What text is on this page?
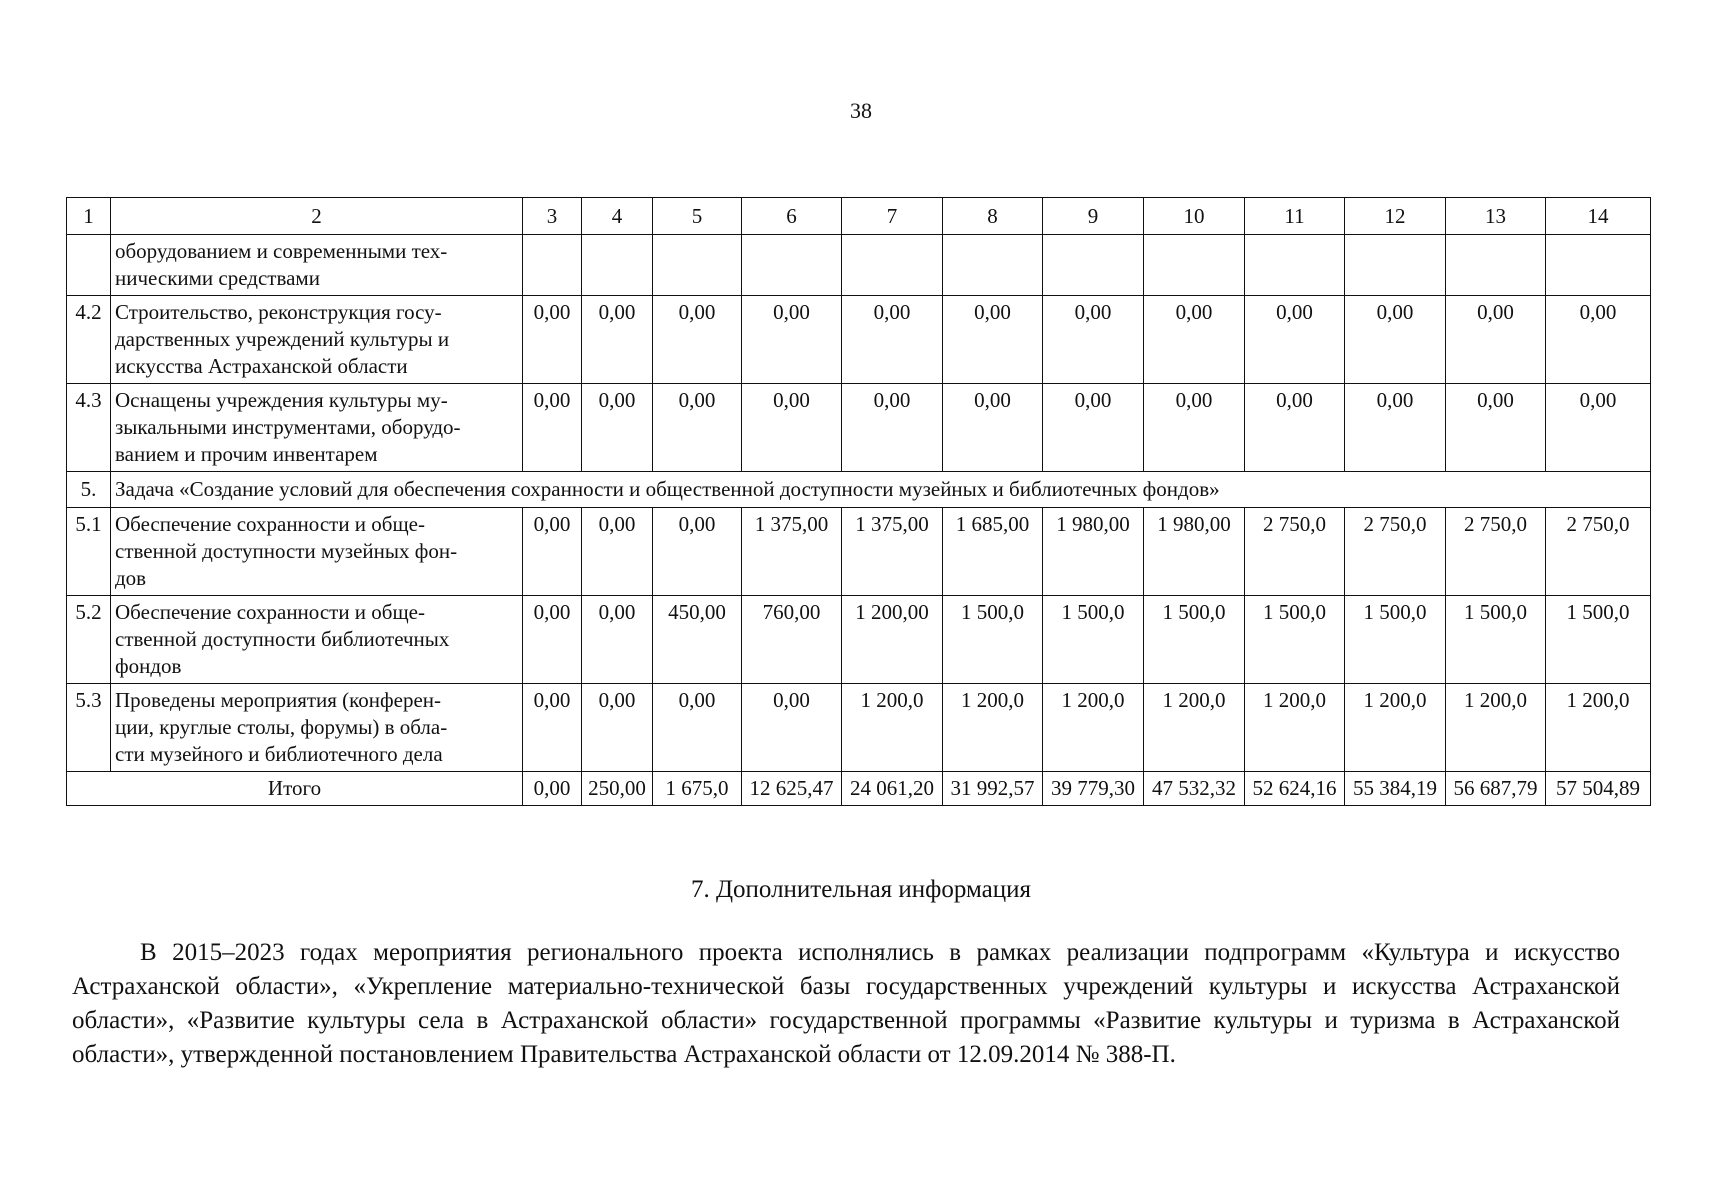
38
1	2	3	4	5	6	7	8	9	10	11	12	13	14

	оборудованием и современными тех-
ническими средствами												

4.2	Строительство, реконструкция госу-
дарственных учреждений культуры и
искусства Астраханской области	0,00	0,00	0,00	0,00	0,00	0,00	0,00	0,00	0,00	0,00	0,00	0,00
4.3	Оснащены учреждения культуры му-
зыкальными инструментами, оборудо-
ванием и прочим инвентарем	0,00	0,00	0,00	0,00	0,00	0,00	0,00	0,00	0,00	0,00	0,00	0,00
5.	Задача «Создание условий для обеспечения сохранности и общественной доступности музейных и библиотечных фондов»												
5.1	Обеспечение сохранности и обще-
ственной доступности музейных фон-
дов	0,00	0,00	0,00	1 375,00	1 375,00	1 685,00	1 980,00	1 980,00	2 750,0	2 750,0	2 750,0	2 750,0
5.2	Обеспечение сохранности и обще-
ственной доступности библиотечных
фондов	0,00	0,00	450,00	760,00	1 200,00	1 500,0	1 500,0	1 500,0	1 500,0	1 500,0	1 500,0	1 500,0
5.3	Проведены мероприятия (конферен-
ции, круглые столы, форумы) в обла-
сти музейного и библиотечного дела	0,00	0,00	0,00	0,00	1 200,0	1 200,0	1 200,0	1 200,0	1 200,0	1 200,0	1 200,0	1 200,0
Итого		0,00	250,00	1 675,0	12 625,47	24 061,20	31 992,57	39 779,30	47 532,32	52 624,16	55 384,19	56 687,79	57 504,89
7. Дополнительная информация

В 2015–2023 годах мероприятия регионального проекта исполнялись в рамках реализации подпрограмм «Культура и искусство Астраханской области», «Укрепление материально-технической базы государственных учреждений культуры и искусства Астраханской области», «Развитие культуры села в Астраханской области» государственной программы «Развитие культуры и туризма в Астраханской области», утвержденной постановлением Правительства Астраханской области от 12.09.2014 № 388-П.
